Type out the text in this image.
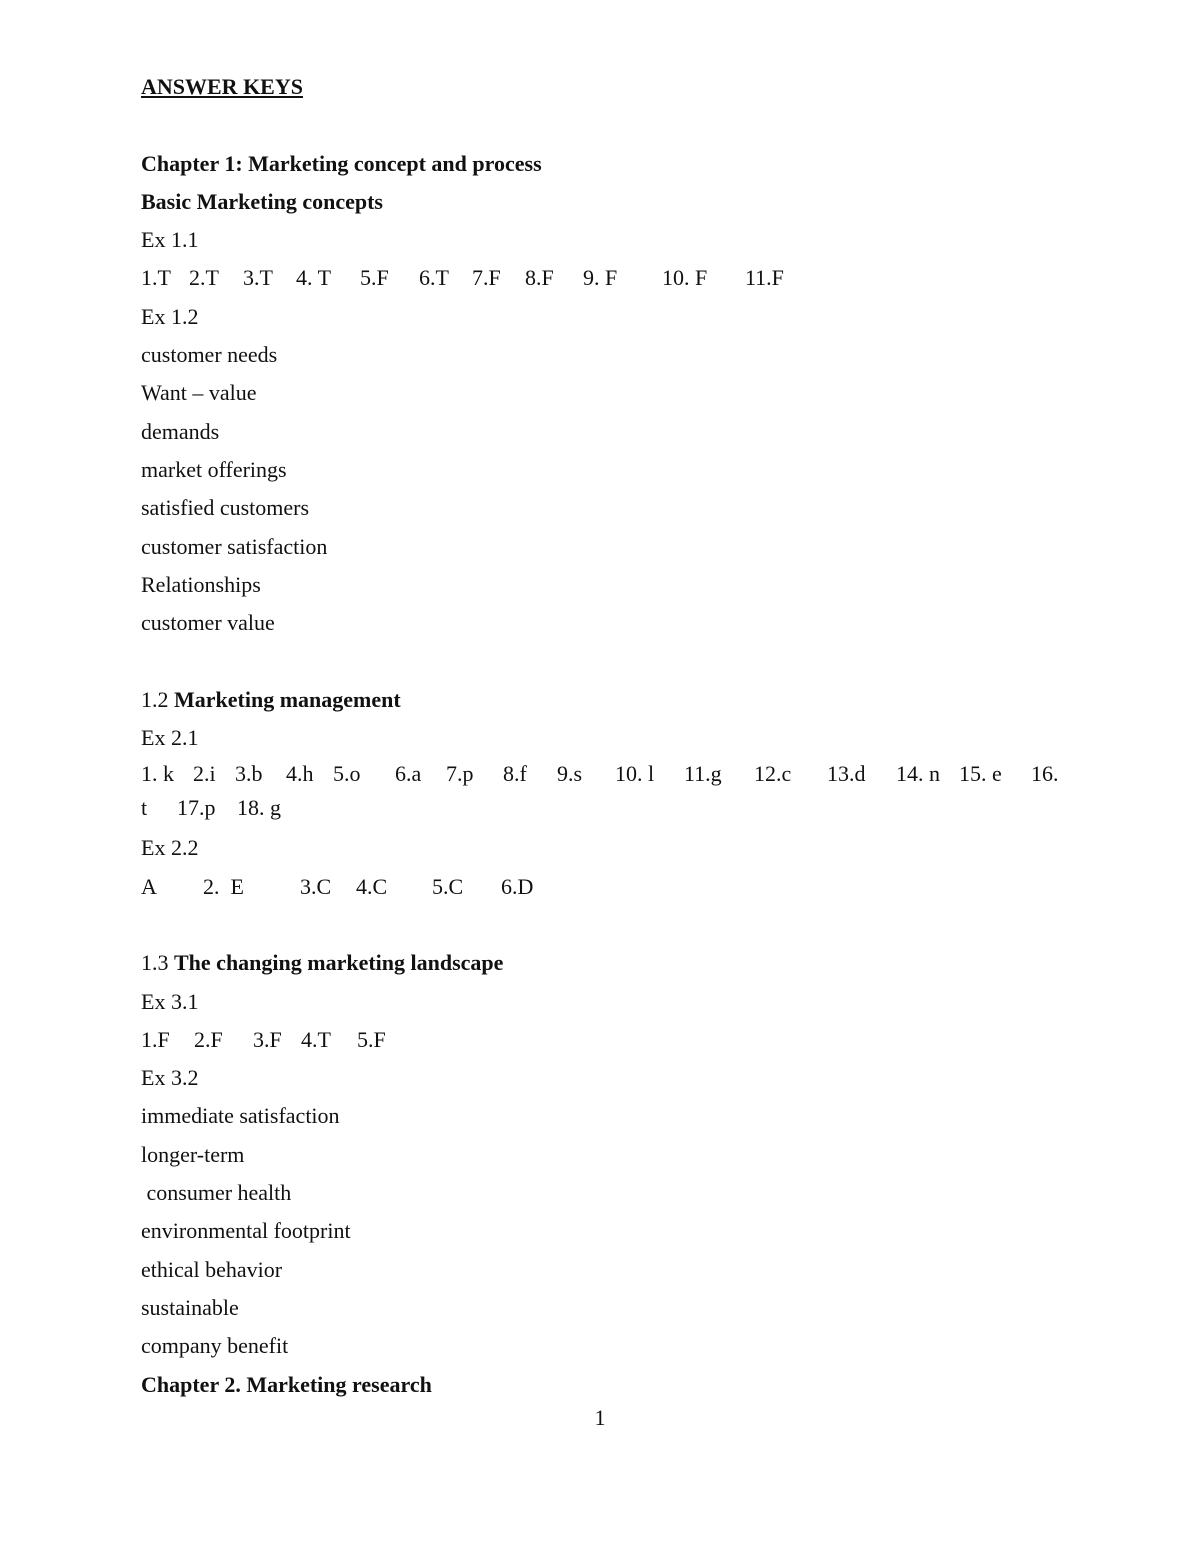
ANSWER KEYS

Chapter 1: Marketing concept and process

Basic Marketing concepts

Ex 1.1

1.T 2.T	3.T	4. T	5.F	6.T	7.F	8.F	9. F	10. F	11.F

Ex 1.2

customer needs

Want – value

demands

market offerings

satisfied customers

customer satisfaction

Relationships

customer value

1.2 Marketing management

Ex 2.1

1. k 2.i 3.b	4.h 5.o	6.a	7.p	8.f	9.s	10. l	11.g	12.c	13.d	14. n 15. e	16.
t	17.p 18. g

Ex 2.2

A	2.  E	3.C	4.C	5.C	6.D

1.3 The changing marketing landscape

Ex 3.1

1.F	2.F	3.F 4.T	5.F

Ex 3.2

immediate satisfaction

longer-term

consumer health

environmental footprint

ethical behavior

sustainable

company benefit

Chapter 2. Marketing research

1
